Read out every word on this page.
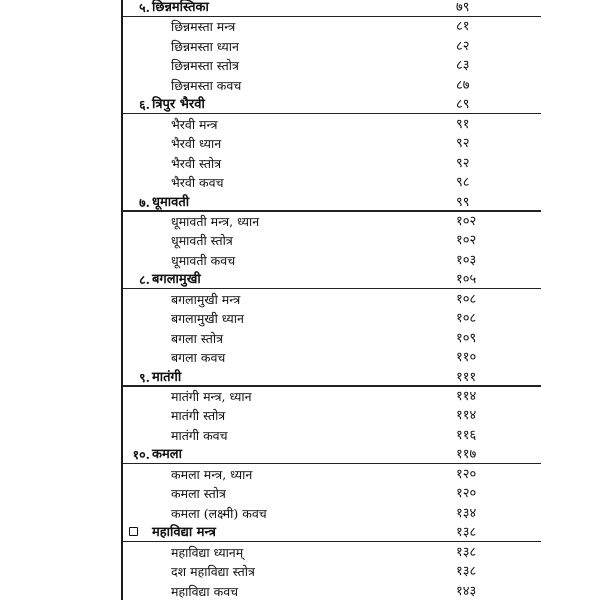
५. छिन्नमस्तिका	७९
छिन्नमस्ता मन्त्र	८१
छिन्नमस्ता ध्यान	८२
छिन्नमस्ता स्तोत्र	८३
छिन्नमस्ता कवच	८७
६. त्रिपुर भैरवी	८९
भैरवी मन्त्र	९१
भैरवी ध्यान	९२
भैरवी स्तोत्र	९२
भैरवी कवच	९८
७. धूमावती	९९
धूमावती मन्त्र, ध्यान	१०२
धूमावती स्तोत्र	१०२
धूमावती कवच	१०३
८. बगलामुखी	१०५
बगलामुखी मन्त्र	१०८
बगलामुखी ध्यान	१०८
बगला स्तोत्र	१०९
बगला कवच	११०
९. मातंगी	१११
मातंगी मन्त्र, ध्यान	११४
मातंगी स्तोत्र	११४
मातंगी कवच	११६
१०. कमला	११७
कमला मन्त्र, ध्यान	१२०
कमला स्तोत्र	१२०
कमला (लक्ष्मी) कवच	१३४
महाविद्या मन्त्र	१३८
महाविद्या ध्यानम्	१३८
दश महाविद्या स्तोत्र	१३८
महाविद्या कवच	१४३
